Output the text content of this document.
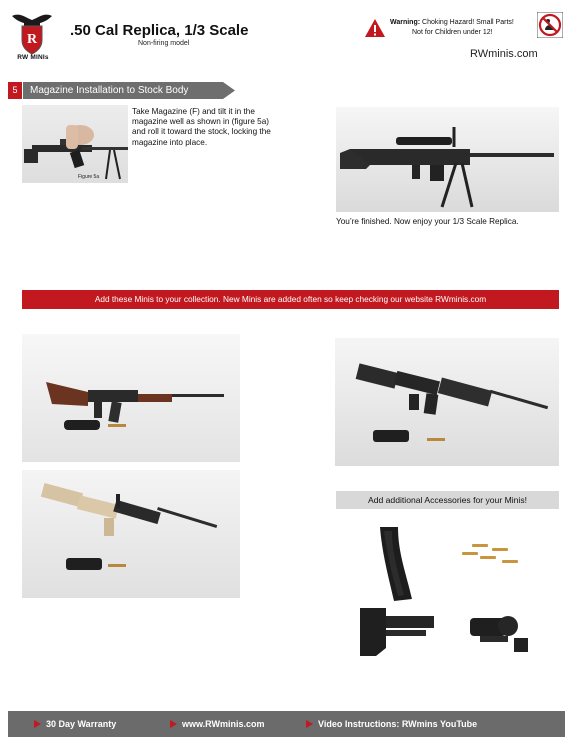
R
RW MINIs
.50 Cal Replica, 1/3 Scale
Non-firing model
Warning: Choking Hazard! Small Parts!
Not for Children under 12!
RWminis.com
5	Magazine Installation to Stock Body
Figure 5a
Take Magazine (F) and tilt it in the magazine well as shown in (figure 5a) and roll it toward the stock, locking the magazine into place.
You’re finished. Now enjoy your 1/3 Scale Replica.
Add these Minis to your collection. New Minis are added often so keep checking our website RWminis.com
Add additional Accessories for your Minis!
30 Day Warranty	www.RWminis.com	Video Instructions: RWmins YouTube
